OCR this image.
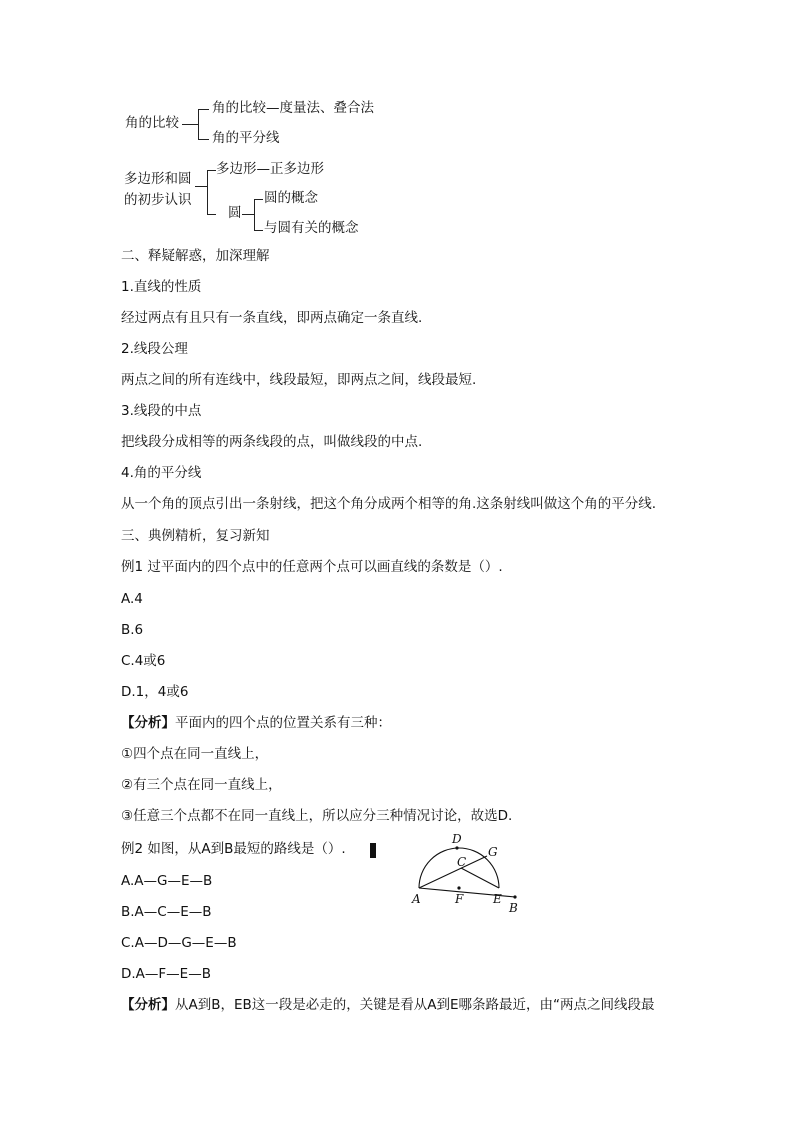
角的比较
角的比较—度量法、叠合法
角的平分线
多边形和圆
的初步认识
多边形—正多边形
圆
圆的概念
与圆有关的概念
二、释疑解惑，加深理解
1.直线的性质
经过两点有且只有一条直线，即两点确定一条直线.
2.线段公理
两点之间的所有连线中，线段最短，即两点之间，线段最短.
3.线段的中点
把线段分成相等的两条线段的点，叫做线段的中点.
4.角的平分线
从一个角的顶点引出一条射线，把这个角分成两个相等的角.这条射线叫做这个角的平分线.
三、典例精析，复习新知
例1 过平面内的四个点中的任意两个点可以画直线的条数是（）.
A.4
B.6
C.4或6
D.1，4或6
【分析】平面内的四个点的位置关系有三种：
①四个点在同一直线上，
②有三个点在同一直线上，
③任意三个点都不在同一直线上，所以应分三种情况讨论，故选D.
例2 如图，从A到B最短的路线是（）.
D
G
C
A	F E
B
A.A—G—E—B
B.A—C—E—B
C.A—D—G—E—B
D.A—F—E—B
【分析】从A到B，EB这一段是必走的，关键是看从A到E哪条路最近，由“两点之间线段最
